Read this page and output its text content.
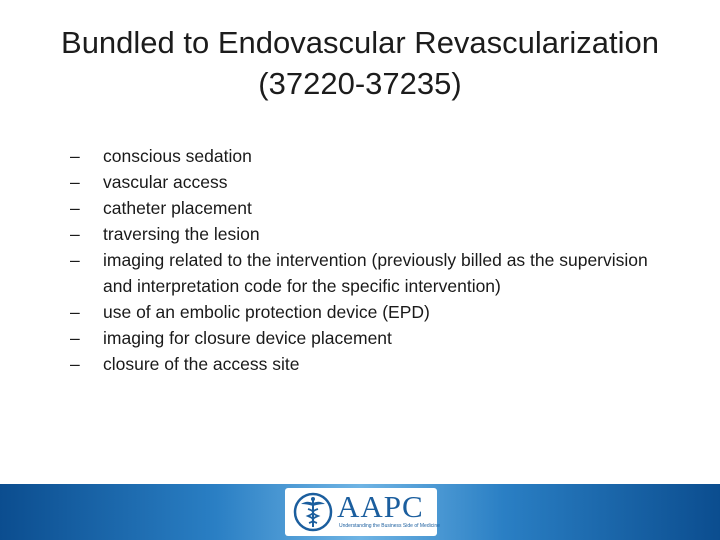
Bundled to Endovascular Revascularization
(37220-37235)
–	conscious sedation
–	vascular access
–	catheter placement
–	traversing the lesion
–	imaging related to the intervention (previously billed as the supervision and interpretation code for the specific intervention)
–	use of an embolic protection device (EPD)
–	imaging for closure device placement
–	closure of the access site
AAPC
Understanding the Business Side of Medicine
